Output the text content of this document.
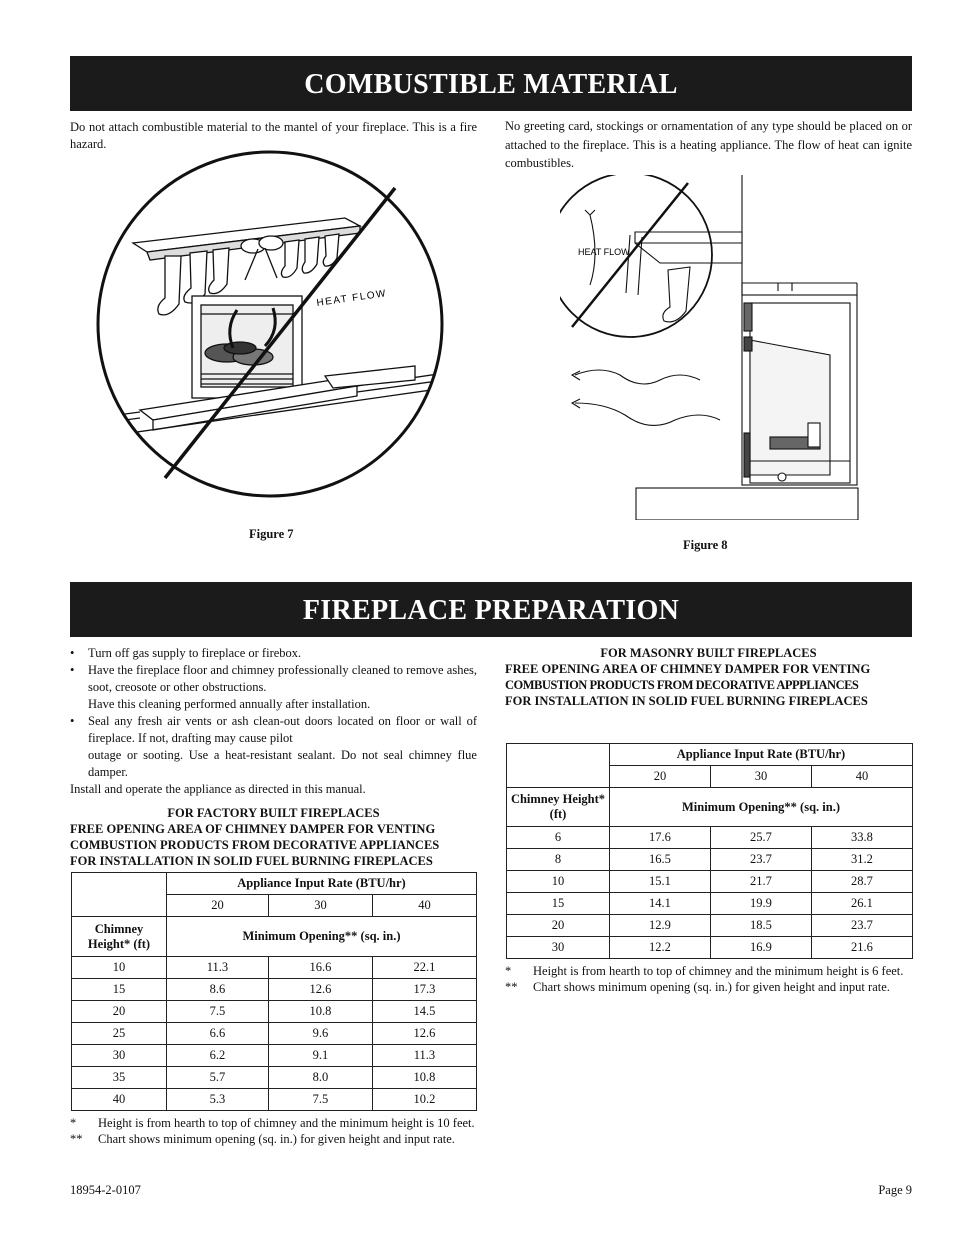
COMBUSTIBLE MATERIAL
Do not attach combustible material to the mantel of your fireplace. This is a fire hazard.
No greeting card, stockings or ornamentation of any type should be placed on or attached to the fireplace. This is a heating appliance. The flow of heat can ignite combustibles.
HEAT FLOW
Figure 7
HEAT FLOW
Figure 8
FIREPLACE PREPARATION
•	Turn off gas supply to fireplace or firebox.
•	Have the fireplace floor and chimney professionally cleaned to remove ashes, soot, creosote or other obstructions.
Have this cleaning performed annually after installation.
•	Seal any fresh air vents or ash clean-out doors located on floor or wall of fireplace. If not, drafting may cause pilot
outage or sooting. Use a heat-resistant sealant. Do not seal chimney flue damper.
Install and operate the appliance as directed in this manual.
FOR FACTORY BUILT FIREPLACES
FREE OPENING AREA OF CHIMNEY DAMPER FOR VENTING
COMBUSTION PRODUCTS FROM DECORATIVE APPLIANCES
FOR INSTALLATION IN SOLID FUEL BURNING FIREPLACES
	Appliance Input Rate (BTU/hr)		
	20	30	40
Chimney Height* (ft)	Minimum Opening** (sq. in.)		
10	11.3	16.6	22.1
15	8.6	12.6	17.3
20	7.5	10.8	14.5
25	6.6	9.6	12.6
30	6.2	9.1	11.3
35	5.7	8.0	10.8
40	5.3	7.5	10.2
*	Height is from hearth to top of chimney and the minimum height is 10 feet.
**	Chart shows minimum opening (sq. in.) for given height and input rate.
FOR MASONRY BUILT FIREPLACES
FREE OPENING AREA OF CHIMNEY DAMPER FOR VENTING
COMBUSTION PRODUCTS FROM DECORATIVE APPPLIANCES
FOR INSTALLATION IN SOLID FUEL BURNING FIREPLACES
	Appliance Input Rate (BTU/hr)		
	20	30	40
Chimney Height* (ft)	Minimum Opening** (sq. in.)		
6	17.6	25.7	33.8
8	16.5	23.7	31.2
10	15.1	21.7	28.7
15	14.1	19.9	26.1
20	12.9	18.5	23.7
30	12.2	16.9	21.6
*	Height is from hearth to top of chimney and the minimum height is 6 feet.
**	Chart shows minimum opening (sq. in.) for given height and input rate.
18954-2-0107	Page 9
